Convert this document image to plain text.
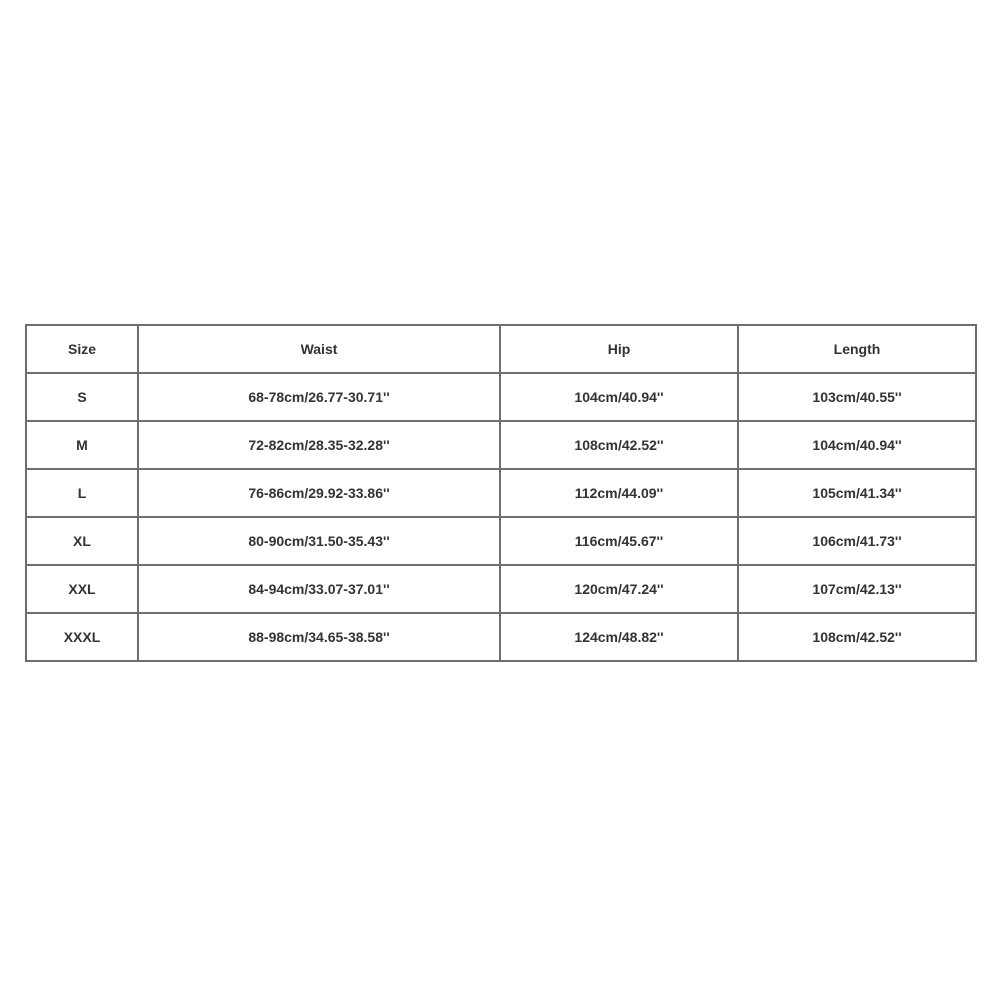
Size	Waist	Hip	Length
S	68-78cm/26.77-30.71''	104cm/40.94''	103cm/40.55''
M	72-82cm/28.35-32.28''	108cm/42.52''	104cm/40.94''
L	76-86cm/29.92-33.86''	112cm/44.09''	105cm/41.34''
XL	80-90cm/31.50-35.43''	116cm/45.67''	106cm/41.73''
XXL	84-94cm/33.07-37.01''	120cm/47.24''	107cm/42.13''
XXXL	88-98cm/34.65-38.58''	124cm/48.82''	108cm/42.52''
